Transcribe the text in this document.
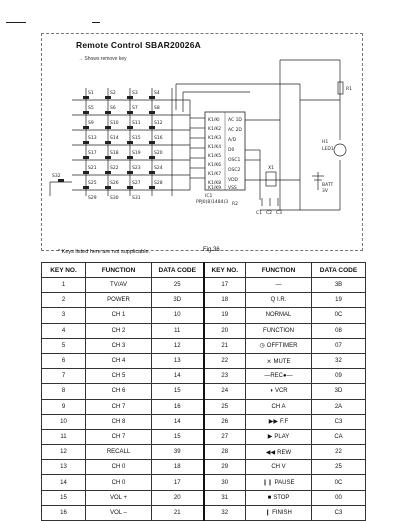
Remote Control SBAR20026A
→ Shows remove key
IC1
PPJ0(8)1484)3
H1
LED1
X1
BATT
3V
C1 C2 C3
R1
R2
K1/KI
K1/K2
K1/K3
K1/K4
K1/K5
K1/K6
K1/K7
K1/K8
K1/K9
AC 1D
AC 2D
A/D
D0
OSC1
OSC2
VDD
VSS
S1	S2	S3	S4
S5	S6	S7	S8
S9	S10	S11	S12
S13	S14	S15	S16
S17	S18	S19	S20
S21	S22	S23	S24
S25	S26	S27	S28
S29	S30	S31
S32
* Keys listed here are not supplicable.	Fig.36
KEY NO.	FUNCTION	DATA CODE	KEY NO.	FUNCTION	DATA CODE
1	TV/AV	25	17	—	3B
2	POWER	3D	18	Q I.R.	19
3	CH 1	10	19	NORMAL	0C
4	CH 2	11	20	FUNCTION	08
5	CH 3	12	21	◷ OFFTIMER	07
6	CH 4	13	22	⨯ MUTE	32
7	CH 5	14	23	—REC●—	09
8	CH 6	15	24	◑ VCR	3D
9	CH 7	16	25	CH A	2A
10	CH 8	14	26	▶▶ F.F	C3
11	CH 7	15	27	▶ PLAY	CA
12	RECALL	39	28	◀◀ REW	22
13	CH 0	18	29	CH V	25
14	CH 0	17	30	❙❙ PAUSE	0C
15	VOL +	20	31	■ STOP	00
16	VOL –	21	32	❙ FINISH	C3
